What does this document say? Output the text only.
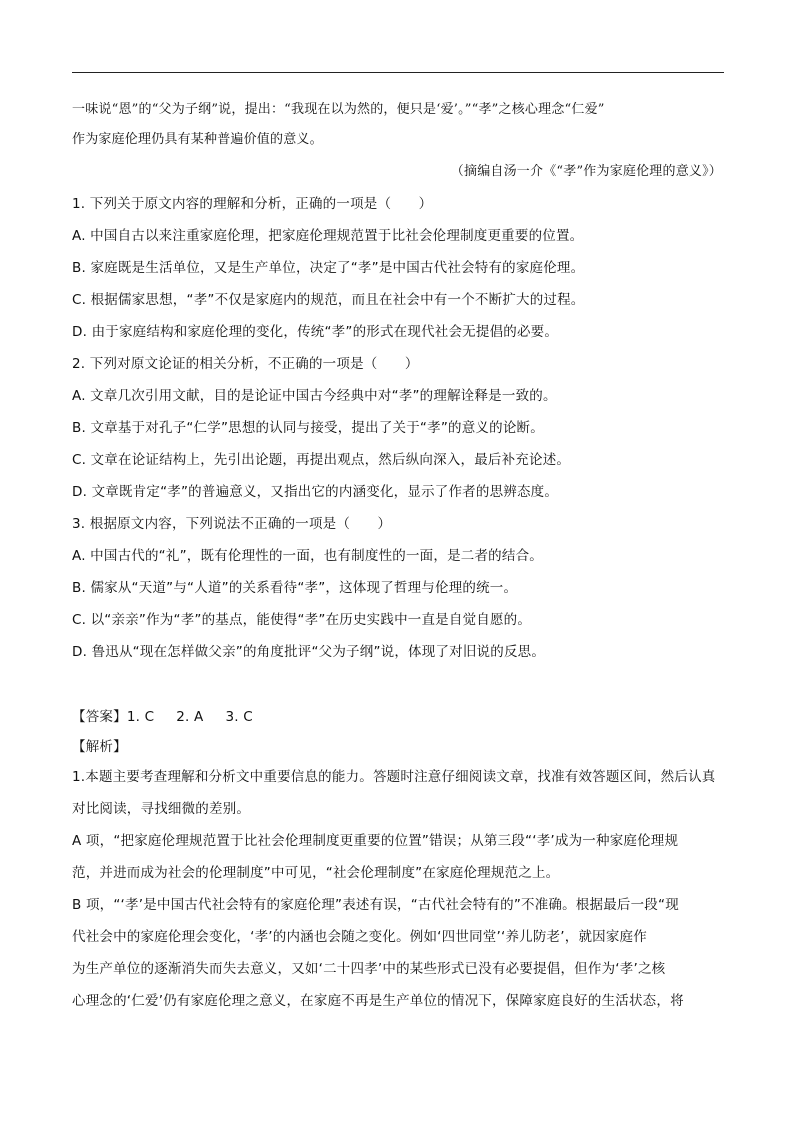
一味说“恩”的“父为子纲”说，提出：“我现在以为然的，便只是‘爱’。”“孝”之核心理念“仁爱”
作为家庭伦理仍具有某种普遍价值的意义。
（摘编自汤一介《“孝”作为家庭伦理的意义》）
1. 下列关于原文内容的理解和分析，正确的一项是（　　）
A. 中国自古以来注重家庭伦理，把家庭伦理规范置于比社会伦理制度更重要的位置。
B. 家庭既是生活单位，又是生产单位，决定了“孝”是中国古代社会特有的家庭伦理。
C. 根据儒家思想，“孝”不仅是家庭内的规范，而且在社会中有一个不断扩大的过程。
D. 由于家庭结构和家庭伦理的变化，传统“孝”的形式在现代社会无提倡的必要。
2. 下列对原文论证的相关分析，不正确的一项是（　　）
A. 文章几次引用文献，目的是论证中国古今经典中对“孝”的理解诠释是一致的。
B. 文章基于对孔子“仁学”思想的认同与接受，提出了关于“孝”的意义的论断。
C. 文章在论证结构上，先引出论题，再提出观点，然后纵向深入，最后补充论述。
D. 文章既肯定“孝”的普遍意义，又指出它的内涵变化，显示了作者的思辨态度。
3. 根据原文内容，下列说法不正确的一项是（　　）
A. 中国古代的“礼”，既有伦理性的一面，也有制度性的一面，是二者的结合。
B. 儒家从“天道”与“人道”的关系看待“孝”，这体现了哲理与伦理的统一。
C. 以“亲亲”作为“孝”的基点，能使得“孝”在历史实践中一直是自觉自愿的。
D. 鲁迅从“现在怎样做父亲”的角度批评“父为子纲”说，体现了对旧说的反思。
【答案】1. C 2. A 3. C
【解析】
1.本题主要考查理解和分析文中重要信息的能力。答题时注意仔细阅读文章，找准有效答题区间，然后认真
对比阅读，寻找细微的差别。
A 项，“把家庭伦理规范置于比社会伦理制度更重要的位置”错误；从第三段“‘孝’成为一种家庭伦理规
范，并进而成为社会的伦理制度”中可见，“社会伦理制度”在家庭伦理规范之上。
B 项，“‘孝’是中国古代社会特有的家庭伦理”表述有误，“古代社会特有的”不准确。根据最后一段“现
代社会中的家庭伦理会变化，‘孝’的内涵也会随之变化。例如‘四世同堂’‘养儿防老’，就因家庭作
为生产单位的逐渐消失而失去意义，又如‘二十四孝’中的某些形式已没有必要提倡，但作为‘孝’之核
心理念的‘仁爱’仍有家庭伦理之意义，在家庭不再是生产单位的情况下，保障家庭良好的生活状态，将
